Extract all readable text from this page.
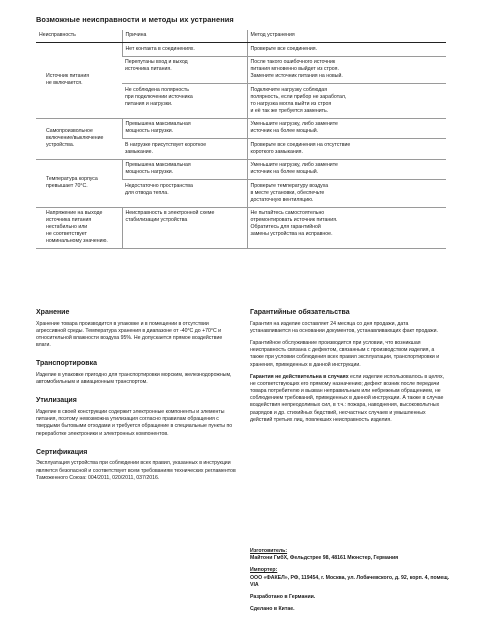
Возможные неисправности и методы их устранения
Неисправность	Причина	Метод устранения
Источник питания
не включается.	Нет контакта в соединениях.	Проверьте все соединения.
	Перепутаны вход и выход
источника питания.	После такого ошибочного источник
питания мгновенно выйдет из строя.
Замените источник питания на новый.
	Не соблюдена полярность
при подключении источника
питания и нагрузки.	Подключите нагрузку соблюдая
полярность, если прибор не заработал,
то нагрузка могла выйти из строя
и её так же требуется заменить.
Самопроизвольное
включение/выключение
устройства.	Превышена максимальная
мощность нагрузки.	Уменьшите нагрузку, либо замените
источник на более мощный.
	В нагрузке присутствует короткое
замыкание.	Проверьте все соединения на отсутствие
короткого замыкания.
Температура корпуса
превышает 70°С.	Превышена максимальная
мощность нагрузки.	Уменьшите нагрузку, либо замените
источник на более мощный.
	Недостаточно пространства
для отвода тепла.	Проверьте температуру воздуха
в месте установки, обеспечьте
достаточную вентиляцию.
Напряжение на выходе
источника питания
нестабильно или
не соответствует
номинальному значению.	Неисправность в электронной схеме
стабилизации устройства	Не пытайтесь самостоятельно
отремонтировать источник питания.
Обратитесь для гарантийной
замены устройства на исправное.
Хранение

Хранение товара производится в упаковке и в помещении в отсутствии агрессивной среды. Температура хранения в диапазоне от -40°C до +70°C и относительной влажности воздуха 95%. Не допускается прямое воздействие влаги.

Транспортировка

Изделие в упаковке пригодно для транспортировки морским, железнодорожным, автомобильным и авиационным транспортом.

Утилизация

Изделие в своей конструкции содержит электронные компоненты и элементы питания, поэтому невозможна утилизация согласно правилам обращения с твердыми бытовыми отходами и требуется обращение в специальные пункты по переработке электроники и электронных компонентов.

Сертификация

Эксплуатация устройства при соблюдении всех правил, указанных в инструкции является безопасной и соответствует всем требованиям технических регламентов Таможенного Союза: 004/2011, 020/2011, 037/2016.

Гарантийные обязательства

Гарантия на изделие составляет 24 месяца со дня продажи, дата устанавливается на основании документов, устанавливающих факт продажи.

Гарантийное обслуживание производится при условии, что возникшая неисправность связана с дефектом, связанным с производством изделия, а также при условии соблюдения всех правил эксплуатации, транспортировки и хранения, приведенных в данной инструкции.

Гарантия не действительна в случаях если изделие использовалось в целях, не соответствующих его прямому назначению; дефект возник после передачи товара потребителю и вызван неправильным или небрежным обращением, не соблюдением требований, приведенных в данной инструкции. А также в случае воздействия непреодолимых сил, в т.ч.: пожара, наводнения, высоковольтных разрядов и др. стихийных бедствий, несчастных случаев и умышленных действий третьих лиц, повлекших неисправность изделия.

Изготовитель:
Майтони ГмбХ, Фельдстрее 98, 48161 Мюнстер, Германия

Импортер:
ООО «ФАКЕЛ», РФ, 119454, г. Москва, ул. Лобачевского, д. 92, корп. 4, помещ. VIA

Разработано в Германии.

Сделано в Китае.
